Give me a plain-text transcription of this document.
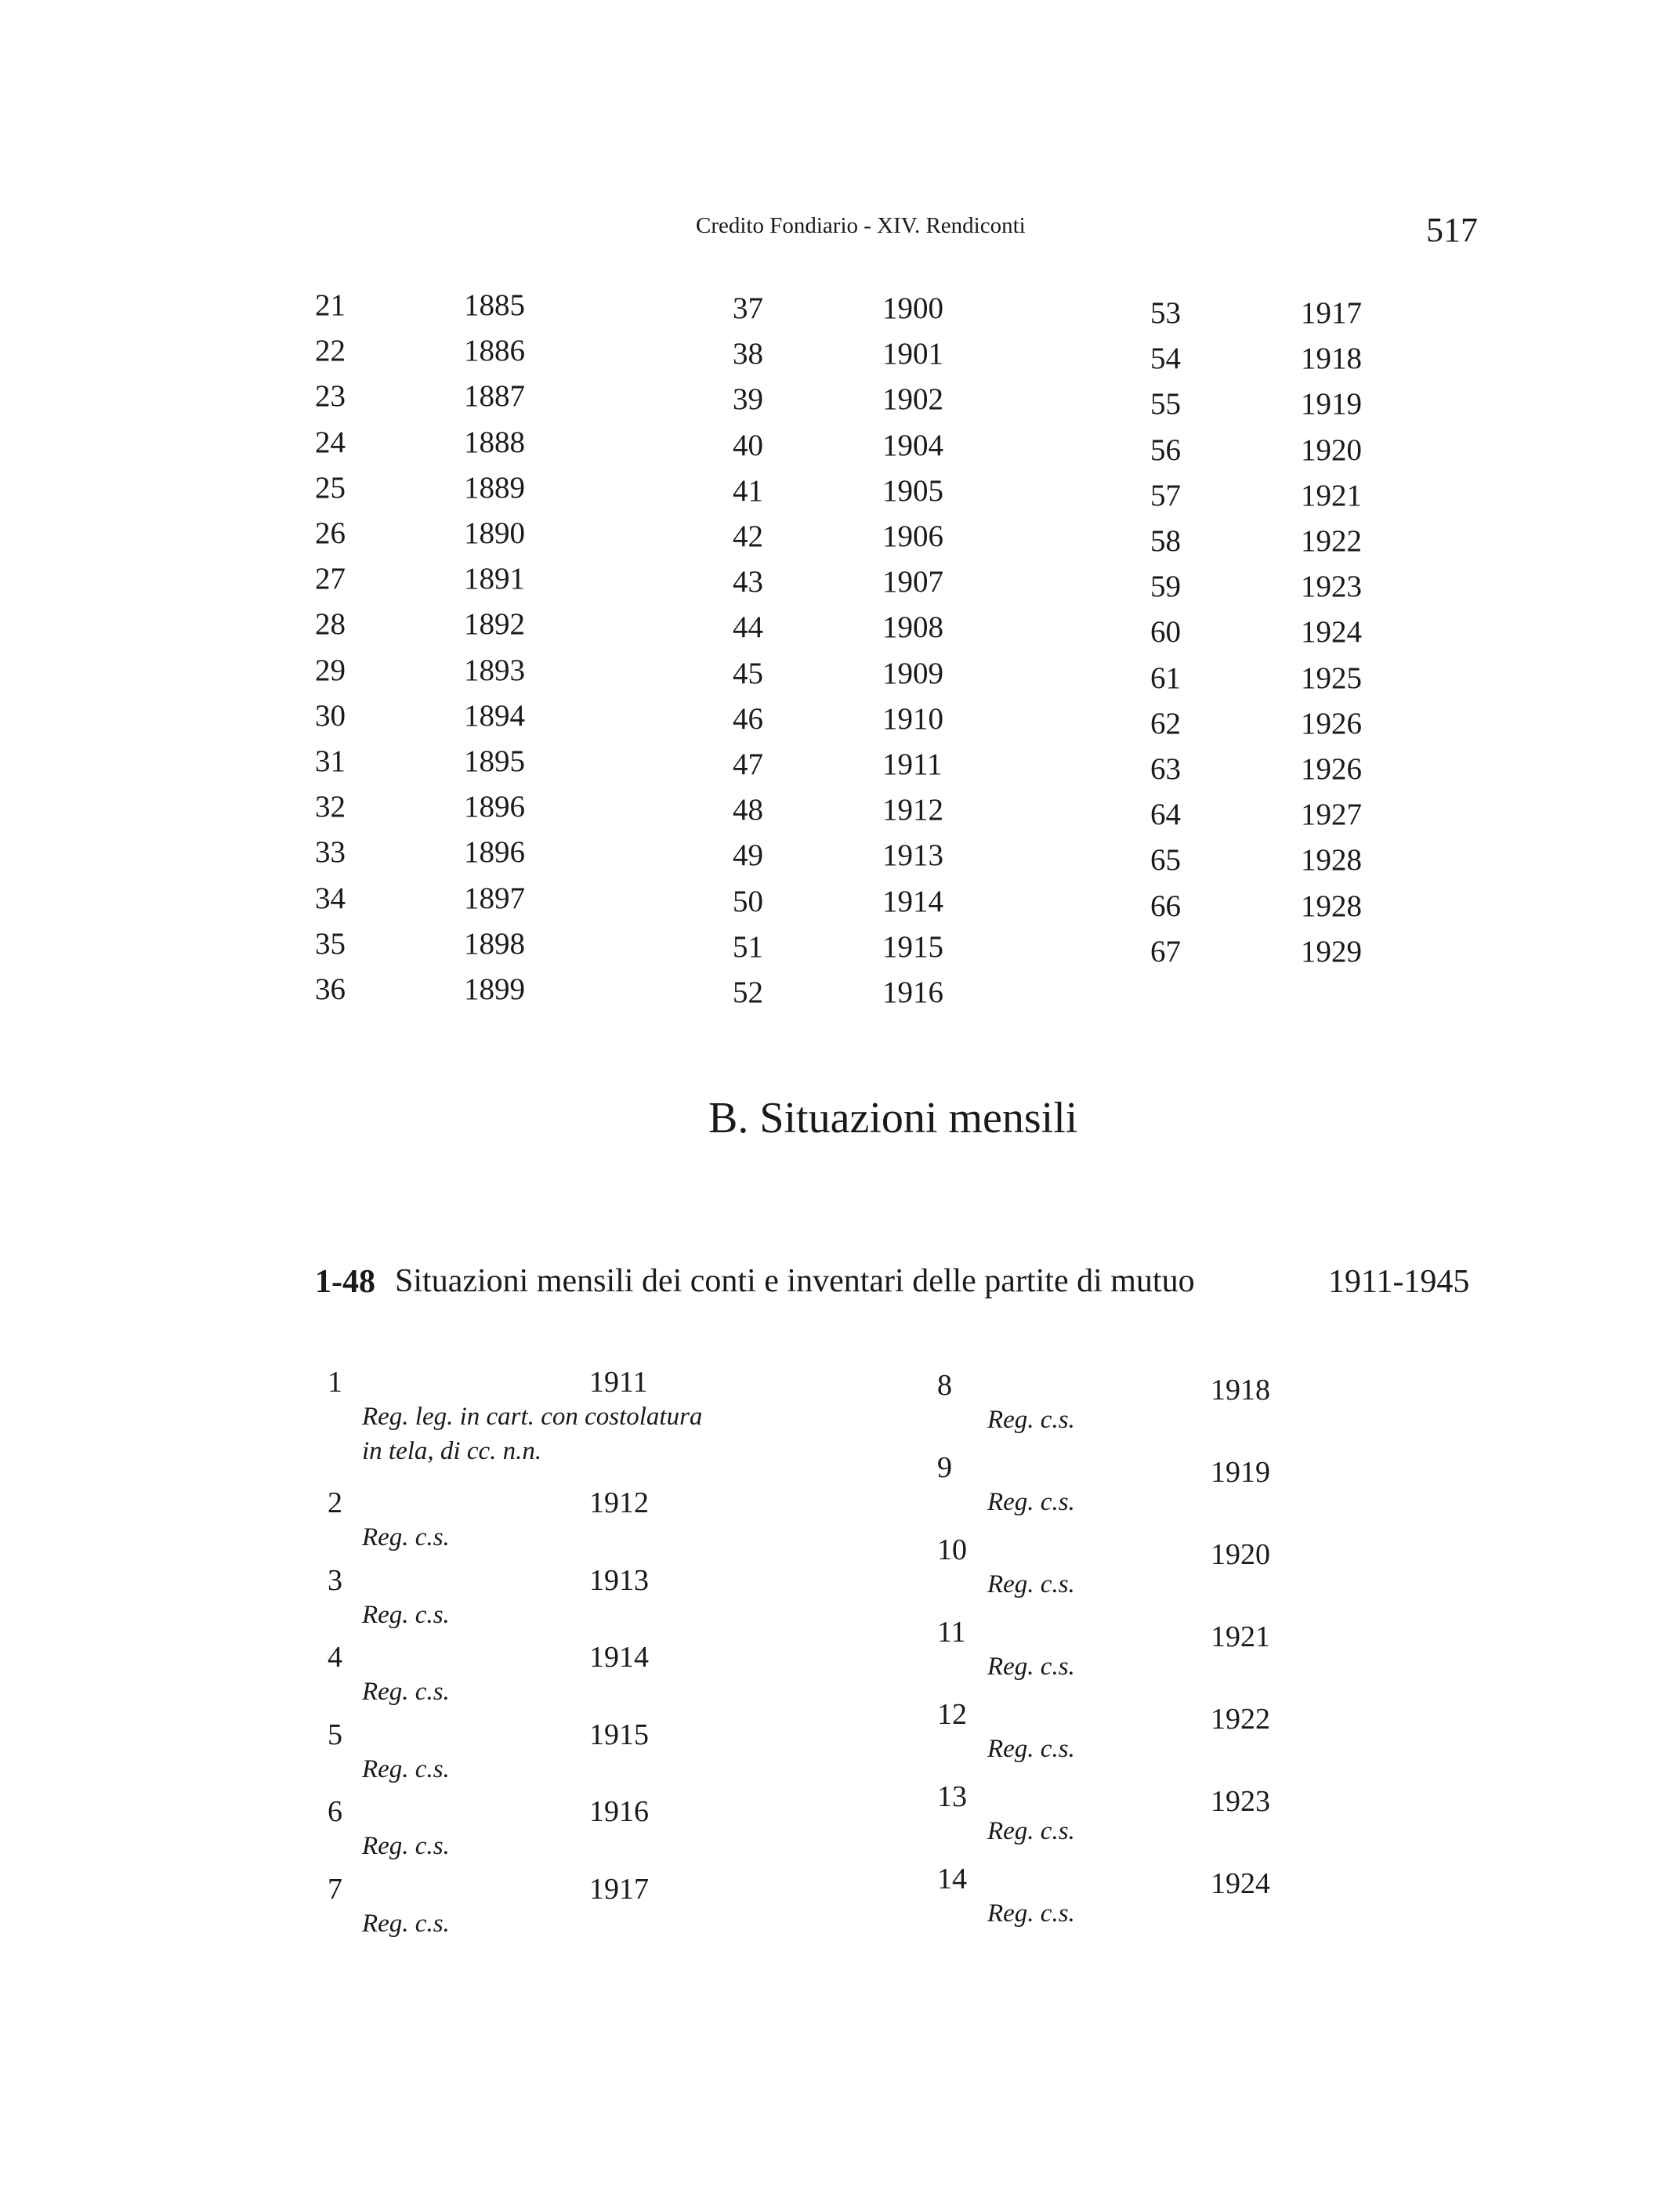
Credito Fondiario - XIV. Rendiconti	517
21	1885
22	1886
23	1887
24	1888
25	1889
26	1890
27	1891
28	1892
29	1893
30	1894
31	1895
32	1896
33	1896
34	1897
35	1898
36	1899
37	1900
38	1901
39	1902
40	1904
41	1905
42	1906
43	1907
44	1908
45	1909
46	1910
47	1911
48	1912
49	1913
50	1914
51	1915
52	1916
53	1917
54	1918
55	1919
56	1920
57	1921
58	1922
59	1923
60	1924
61	1925
62	1926
63	1926
64	1927
65	1928
66	1928
67	1929
B. Situazioni mensili
1-48 Situazioni mensili dei conti e inventari delle partite di mutuo	1911-1945
1	1911
Reg. leg. in cart. con costolatura
in tela, di cc. n.n.
2	1912
Reg. c.s.
3	1913
Reg. c.s.
4	1914
Reg. c.s.
5	1915
Reg. c.s.
6	1916
Reg. c.s.
7	1917
Reg. c.s.
8	1918
Reg. c.s.
9	1919
Reg. c.s.
10	1920
Reg. c.s.
11	1921
Reg. c.s.
12	1922
Reg. c.s.
13	1923
Reg. c.s.
14	1924
Reg. c.s.
